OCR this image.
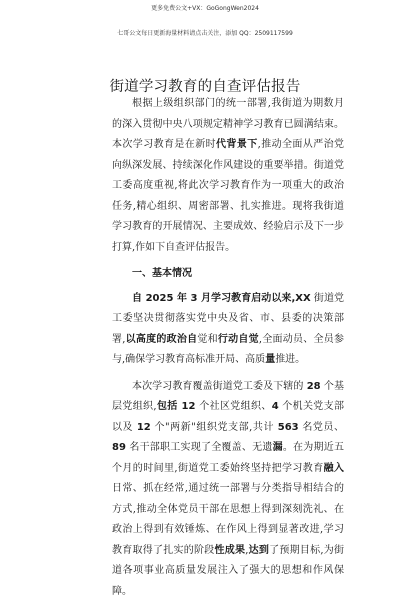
更多免费公文+VX：GoGongWen2024
七哥公文每日更新海量材料请点击关注，添加 QQ：2509117599
街道学习教育的自查评估报告

根据上级组织部门的统一部署,我街道为期数月的深入贯彻中央八项规定精神学习教育已圆满结束。本次学习教育是在新时代背景下,推动全面从严治党向纵深发展、持续深化作风建设的重要举措。街道党工委高度重视,将此次学习教育作为一项重大的政治任务,精心组织、周密部署、扎实推进。现将我街道学习教育的开展情况、主要成效、经验启示及下一步打算,作如下自查评估报告。

一、基本情况

自 2025 年 3 月学习教育启动以来,XX 街道党工委坚决贯彻落实党中央及省、市、县委的决策部署,以高度的政治自觉和行动自觉,全面动员、全员参与,确保学习教育高标准开局、高质量推进。

本次学习教育覆盖街道党工委及下辖的 28 个基层党组织,包括 12 个社区党组织、4 个机关党支部以及 12 个"两新"组织党支部,共计 563 名党员、89 名干部职工实现了全覆盖、无遗漏。在为期近五个月的时间里,街道党工委始终坚持把学习教育融入日常、抓在经常,通过统一部署与分类指导相结合的方式,推动全体党员干部在思想上得到深刻洗礼、在政治上得到有效锤炼、在作风上得到显著改进,学习教育取得了扎实的阶段性成果,达到了预期目标,为街道各项事业高质量发展注入了强大的思想和作风保障。
